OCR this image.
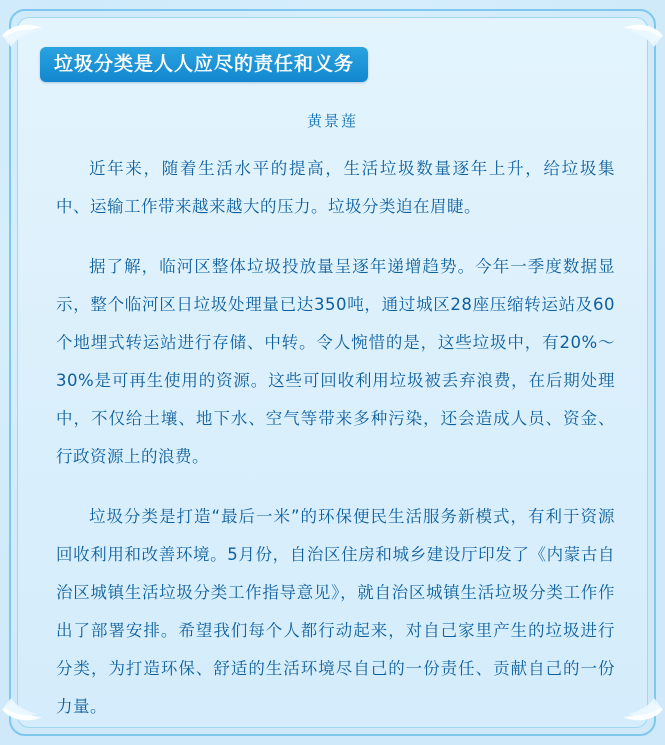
垃圾分类是人人应尽的责任和义务
黄景莲

近年来，随着生活水平的提高，生活垃圾数量逐年上升，给垃圾集中、运输工作带来越来越大的压力。垃圾分类迫在眉睫。

据了解，临河区整体垃圾投放量呈逐年递增趋势。今年一季度数据显示，整个临河区日垃圾处理量已达350吨，通过城区28座压缩转运站及60个地埋式转运站进行存储、中转。令人惋惜的是，这些垃圾中，有20%～30%是可再生使用的资源。这些可回收利用垃圾被丢弃浪费，在后期处理中，不仅给土壤、地下水、空气等带来多种污染，还会造成人员、资金、行政资源上的浪费。

垃圾分类是打造“最后一米”的环保便民生活服务新模式，有利于资源回收利用和改善环境。5月份，自治区住房和城乡建设厅印发了《内蒙古自治区城镇生活垃圾分类工作指导意见》，就自治区城镇生活垃圾分类工作作出了部署安排。希望我们每个人都行动起来，对自己家里产生的垃圾进行分类，为打造环保、舒适的生活环境尽自己的一份责任、贡献自己的一份力量。
